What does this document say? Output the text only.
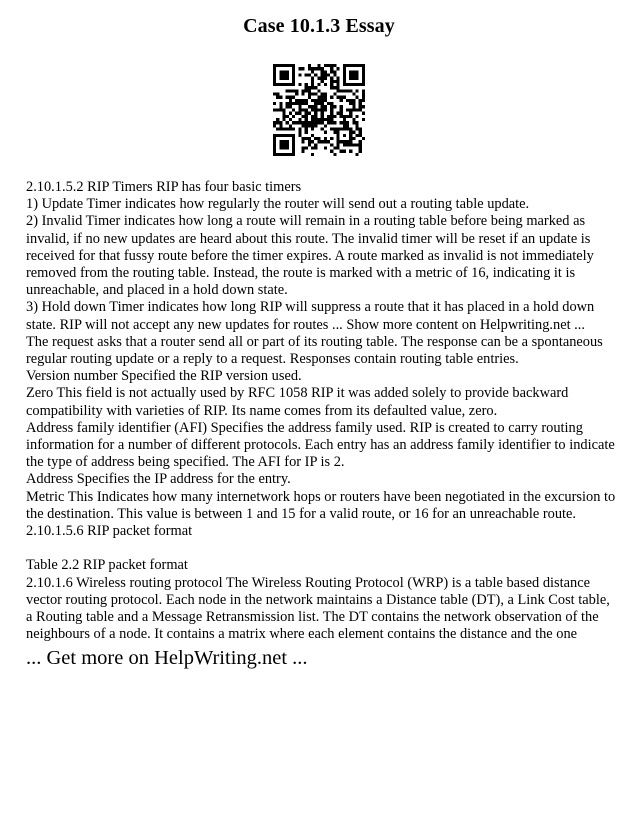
Case 10.1.3 Essay

2.10.1.5.2 RIP Timers RIP has four basic timers

1) Update Timer indicates how regularly the router will send out a routing table update.

2) Invalid Timer indicates how long a route will remain in a routing table before being marked as

invalid, if no new updates are heard about this route. The invalid timer will be reset if an update is

received for that fussy route before the timer expires. A route marked as invalid is not immediately

removed from the routing table. Instead, the route is marked with a metric of 16, indicating it is

unreachable, and placed in a hold down state.

3) Hold down Timer indicates how long RIP will suppress a route that it has placed in a hold down

state. RIP will not accept any new updates for routes ... Show more content on Helpwriting.net ...

The request asks that a router send all or part of its routing table. The response can be a spontaneous

regular routing update or a reply to a request. Responses contain routing table entries.

Version number Specified the RIP version used.

Zero This field is not actually used by RFC 1058 RIP it was added solely to provide backward

compatibility with varieties of RIP. Its name comes from its defaulted value, zero.

Address family identifier (AFI) Specifies the address family used. RIP is created to carry routing

information for a number of different protocols. Each entry has an address family identifier to indicate

the type of address being specified. The AFI for IP is 2.

Address Specifies the IP address for the entry.

Metric This Indicates how many internetwork hops or routers have been negotiated in the excursion to

the destination. This value is between 1 and 15 for a valid route, or 16 for an unreachable route.

2.10.1.5.6 RIP packet format

Table 2.2 RIP packet format

2.10.1.6 Wireless routing protocol The Wireless Routing Protocol (WRP) is a table based distance

vector routing protocol. Each node in the network maintains a Distance table (DT), a Link Cost table,

a Routing table and a Message Retransmission list. The DT contains the network observation of the

neighbours of a node. It contains a matrix where each element contains the distance and the one

... Get more on HelpWriting.net ...
